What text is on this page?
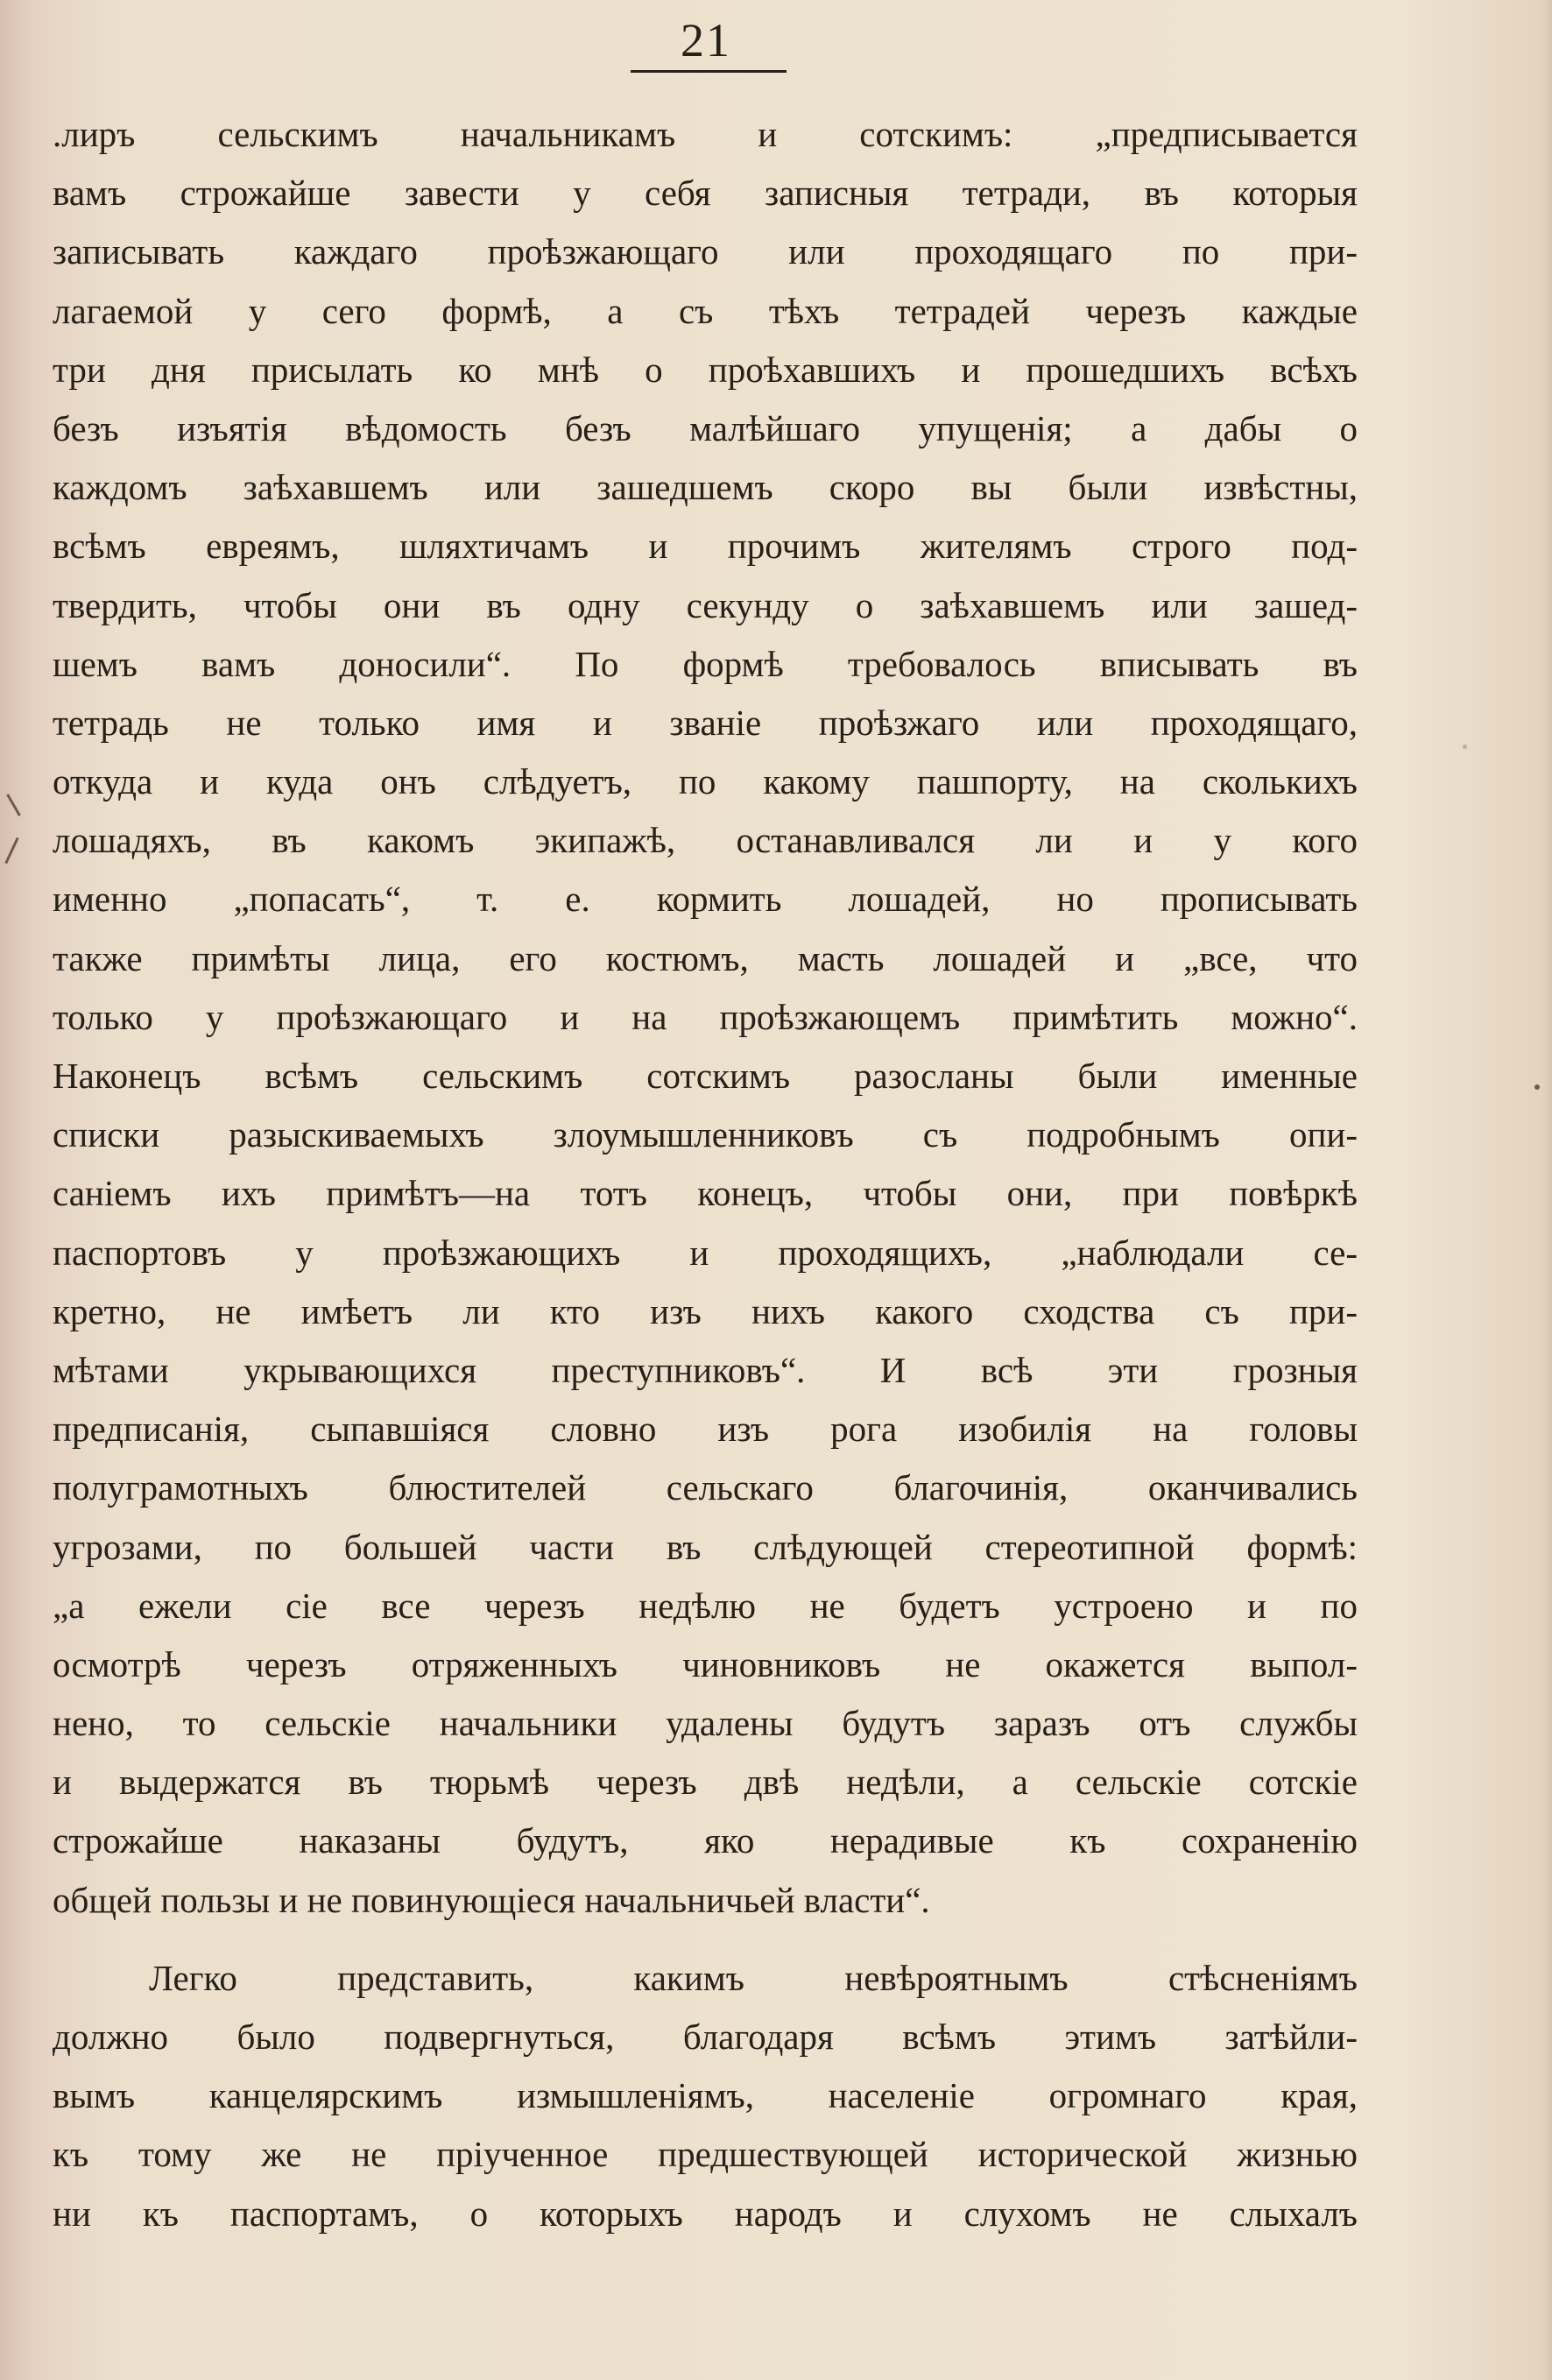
21
.лиръ сельскимъ начальникамъ и сотскимъ: „предписывается
вамъ строжайше завести у себя записныя тетради, въ которыя
записывать каждаго проѣзжающаго или проходящаго по при-
лагаемой у сего формѣ, а съ тѣхъ тетрадей черезъ каждые
три дня присылать ко мнѣ о проѣхавшихъ и прошедшихъ всѣхъ
безъ изъятія вѣдомость безъ малѣйшаго упущенія; а дабы о
каждомъ заѣхавшемъ или зашедшемъ скоро вы были извѣстны,
всѣмъ евреямъ, шляхтичамъ и прочимъ жителямъ строго под-
твердить, чтобы они въ одну секунду о заѣхавшемъ или зашед-
шемъ вамъ доносили“. По формѣ требовалось вписывать въ
тетрадь не только имя и званіе проѣзжаго или проходящаго,
откуда и куда онъ слѣдуетъ, по какому пашпорту, на сколькихъ
лошадяхъ, въ какомъ экипажѣ, останавливался ли и у кого
именно „попасать“, т. е. кормить лошадей, но прописывать
также примѣты лица, его костюмъ, масть лошадей и „все, что
только у проѣзжающаго и на проѣзжающемъ примѣтить можно“.
Наконецъ всѣмъ сельскимъ сотскимъ разосланы были именные
списки разыскиваемыхъ злоумышленниковъ съ подробнымъ опи-
саніемъ ихъ примѣтъ—на тотъ конецъ, чтобы они, при повѣркѣ
паспортовъ у проѣзжающихъ и проходящихъ, „наблюдали се-
кретно, не имѣетъ ли кто изъ нихъ какого сходства съ при-
мѣтами укрывающихся преступниковъ“. И всѣ эти грозныя
предписанія, сыпавшіяся словно изъ рога изобилія на головы
полуграмотныхъ блюстителей сельскаго благочинія, оканчивались
угрозами, по большей части въ слѣдующей стереотипной формѣ:
„а ежели сіе все черезъ недѣлю не будетъ устроено и по
осмотрѣ черезъ отряженныхъ чиновниковъ не окажется выпол-
нено, то сельскіе начальники удалены будутъ заразъ отъ службы
и выдержатся въ тюрьмѣ черезъ двѣ недѣли, а сельскіе сотскіе
строжайше наказаны будутъ, яко нерадивые къ сохраненію
общей пользы и не повинующіеся начальничьей власти“.
Легко представить, какимъ невѣроятнымъ стѣсненіямъ
должно было подвергнуться, благодаря всѣмъ этимъ затѣйли-
вымъ канцелярскимъ измышленіямъ, населеніе огромнаго края,
къ тому же не пріученное предшествующей исторической жизнью
ни къ паспортамъ, о которыхъ народъ и слухомъ не слыхалъ
